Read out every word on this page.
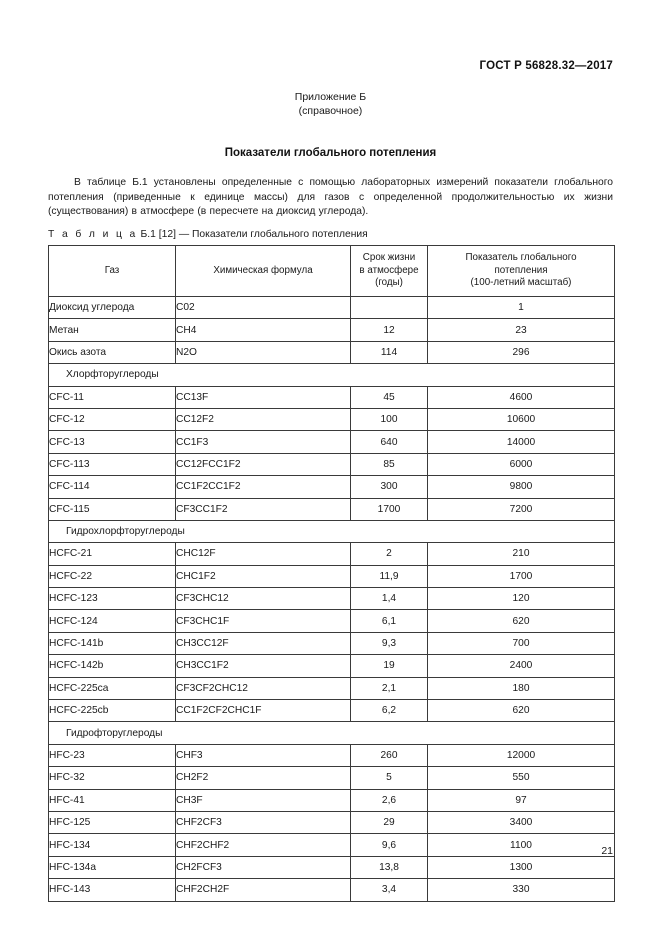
ГОСТ Р 56828.32—2017
Приложение Б
(справочное)
Показатели глобального потепления
В таблице Б.1 установлены определенные с помощью лабораторных измерений показатели глобального потепления (приведенные к единице массы) для газов с определенной продолжительностью их жизни (существования) в атмосфере (в пересчете на диоксид углерода).
Т а б л и ц а Б.1 [12] — Показатели глобального потепления
Газ	Химическая формула	Срок жизни
в атмосфере
(годы)	Показатель глобального
потепления
(100-летний масштаб)
Диоксид углерода	C02		1
Метан	CH4	12	23
Окись азота	N2O	114	296
Хлорфторуглероды			
CFC-11	CC13F	45	4600
CFC-12	CC12F2	100	10600
CFC-13	CC1F3	640	14000
CFC-113	CC12FCC1F2	85	6000
CFC-114	CC1F2CC1F2	300	9800
CFC-115	CF3CC1F2	1700	7200
Гидрохлорфторуглероды			
HCFC-21	CHC12F	2	210
HCFC-22	CHC1F2	11,9	1700
HCFC-123	CF3CHC12	1,4	120
HCFC-124	CF3CHC1F	6,1	620
HCFC-141b	CH3CC12F	9,3	700
HCFC-142b	CH3CC1F2	19	2400
HCFC-225ca	CF3CF2CHC12	2,1	180
HCFC-225cb	CC1F2CF2CHC1F	6,2	620
Гидрофторуглероды			
HFC-23	CHF3	260	12000
HFC-32	CH2F2	5	550
HFC-41	CH3F	2,6	97
HFC-125	CHF2CF3	29	3400
HFC-134	CHF2CHF2	9,6	1100
HFC-134a	CH2FCF3	13,8	1300
HFC-143	CHF2CH2F	3,4	330
21
